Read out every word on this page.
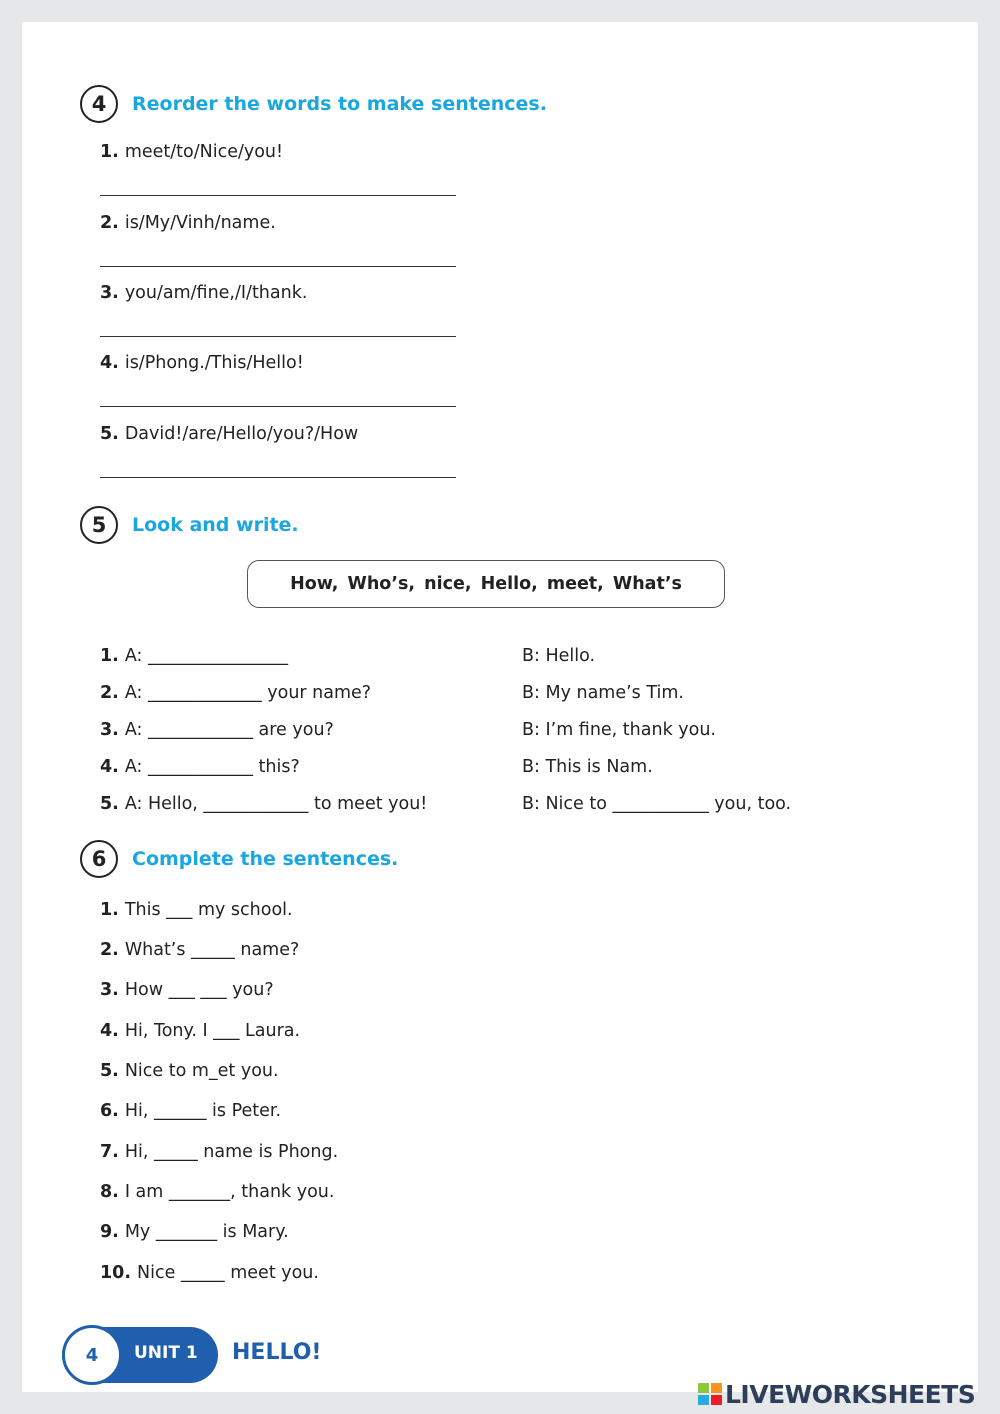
4	Reorder the words to make sentences.
1. meet/to/Nice/you!
2. is/My/Vinh/name.
3. you/am/fine,/I/thank.
4. is/Phong./This/Hello!
5. David!/are/Hello/you?/How
5	Look and write.
How, Who’s, nice, Hello, meet, What’s
1. A: ________________	B: Hello.
2. A: _____________ your name?	B: My name’s Tim.
3. A: ____________ are you?	B: I’m fine, thank you.
4. A: ____________ this?	B: This is Nam.
5. A: Hello, ____________ to meet you!	B: Nice to ___________ you, too.
6	Complete the sentences.
1. This ___ my school.
2. What’s _____ name?
3. How ___ ___ you?
4. Hi, Tony. I ___ Laura.
5. Nice to m_et you.
6. Hi, ______ is Peter.
7. Hi, _____ name is Phong.
8. I am _______, thank you.
9. My _______ is Mary.
10. Nice _____ meet you.
4	UNIT 1 HELLO!
LIVEWORKSHEETS
